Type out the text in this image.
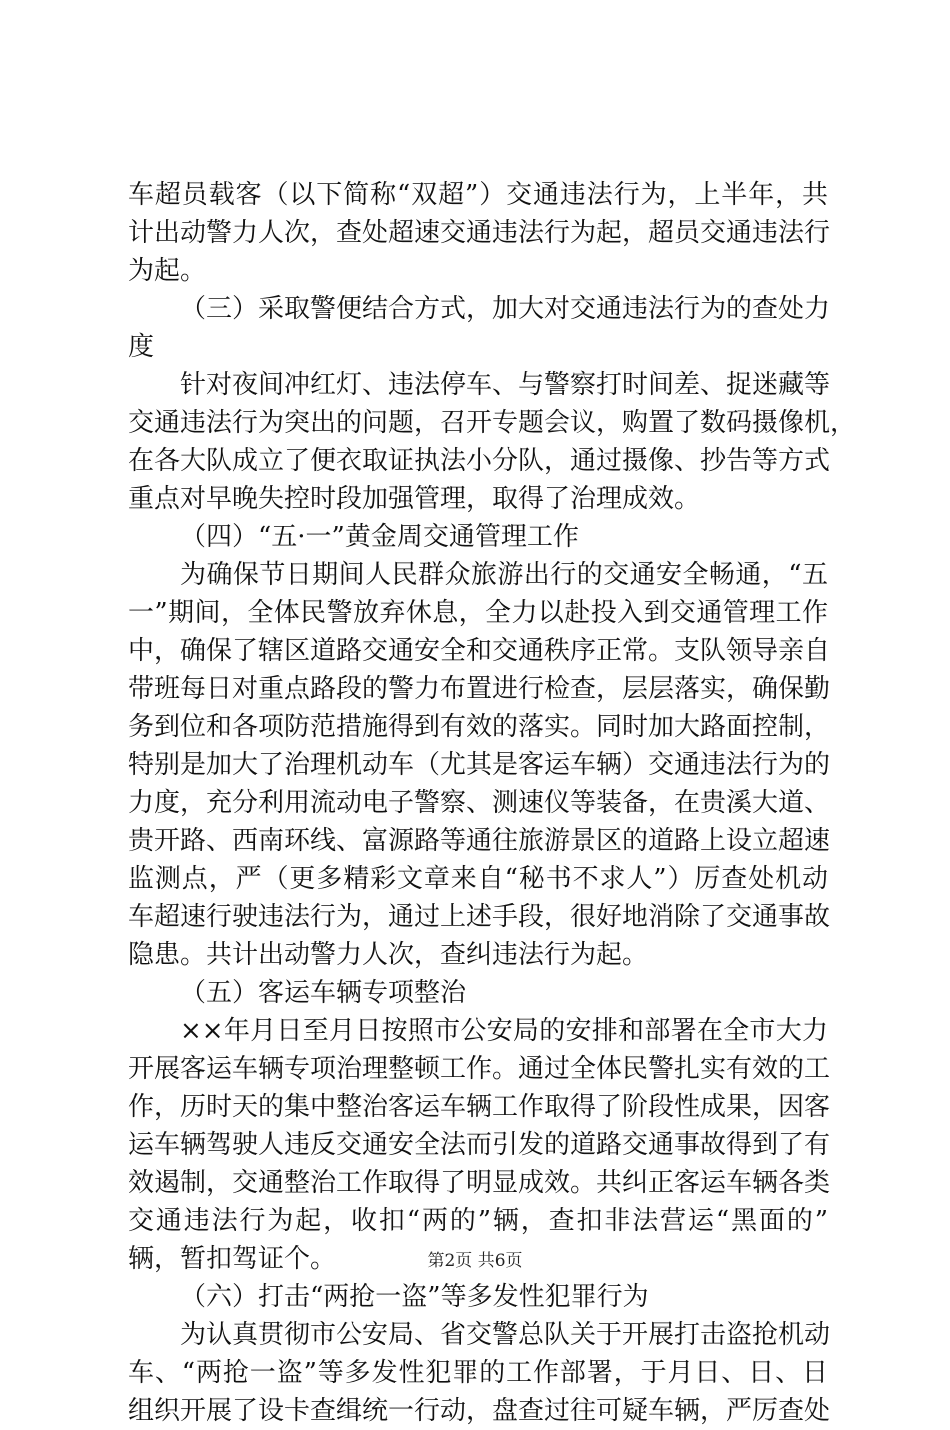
车超员载客（以下简称“双超”）交通违法行为，上半年，共
计出动警力人次，查处超速交通违法行为起，超员交通违法行
为起。
（三）采取警便结合方式，加大对交通违法行为的查处力
度
针对夜间冲红灯、违法停车、与警察打时间差、捉迷藏等
交通违法行为突出的问题，召开专题会议，购置了数码摄像机，
在各大队成立了便衣取证执法小分队，通过摄像、抄告等方式
重点对早晚失控时段加强管理，取得了治理成效。
（四）“五·一”黄金周交通管理工作
为确保节日期间人民群众旅游出行的交通安全畅通，“五
一”期间，全体民警放弃休息，全力以赴投入到交通管理工作
中，确保了辖区道路交通安全和交通秩序正常。支队领导亲自
带班每日对重点路段的警力布置进行检查，层层落实，确保勤
务到位和各项防范措施得到有效的落实。同时加大路面控制，
特别是加大了治理机动车（尤其是客运车辆）交通违法行为的
力度，充分利用流动电子警察、测速仪等装备，在贵溪大道、
贵开路、西南环线、富源路等通往旅游景区的道路上设立超速
监测点，严（更多精彩文章来自“秘书不求人”）厉查处机动
车超速行驶违法行为，通过上述手段，很好地消除了交通事故
隐患。共计出动警力人次，查纠违法行为起。
（五）客运车辆专项整治
××年月日至月日按照市公安局的安排和部署在全市大力
开展客运车辆专项治理整顿工作。通过全体民警扎实有效的工
作，历时天的集中整治客运车辆工作取得了阶段性成果，因客
运车辆驾驶人违反交通安全法而引发的道路交通事故得到了有
效遏制，交通整治工作取得了明显成效。共纠正客运车辆各类
交通违法行为起，收扣“两的”辆，查扣非法营运“黑面的”
辆，暂扣驾证个。
（六）打击“两抢一盗”等多发性犯罪行为
为认真贯彻市公安局、省交警总队关于开展打击盗抢机动
车、“两抢一盗”等多发性犯罪的工作部署，于月日、日、日
组织开展了设卡查缉统一行动，盘查过往可疑车辆，严厉查处
第2页 共6页
